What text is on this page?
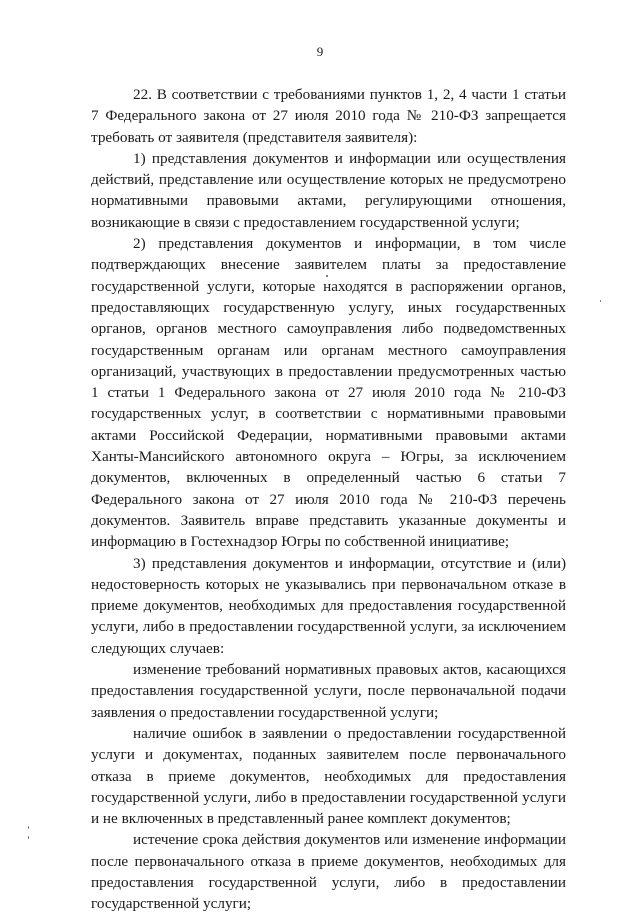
9

22. В соответствии с требованиями пунктов 1, 2, 4 части 1 статьи 7 Федерального закона от 27 июля 2010 года № 210-ФЗ запрещается требовать от заявителя (представителя заявителя):

1) представления документов и информации или осуществления действий, представление или осуществление которых не предусмотрено нормативными правовыми актами, регулирующими отношения, возникающие в связи с предоставлением государственной услуги;

2) представления документов и информации, в том числе подтверждающих внесение заявителем платы за предоставление государственной услуги, которые находятся в распоряжении органов, предоставляющих государственную услугу, иных государственных органов, органов местного самоуправления либо подведомственных государственным органам или органам местного самоуправления организаций, участвующих в предоставлении предусмотренных частью 1 статьи 1 Федерального закона от 27 июля 2010 года № 210-ФЗ государственных услуг, в соответствии с нормативными правовыми актами Российской Федерации, нормативными правовыми актами Ханты-Мансийского автономного округа – Югры, за исключением документов, включенных в определенный частью 6 статьи 7 Федерального закона от 27 июля 2010 года № 210-ФЗ перечень документов. Заявитель вправе представить указанные документы и информацию в Гостехнадзор Югры по собственной инициативе;

3) представления документов и информации, отсутствие и (или) недостоверность которых не указывались при первоначальном отказе в приеме документов, необходимых для предоставления государственной услуги, либо в предоставлении государственной услуги, за исключением следующих случаев:

изменение требований нормативных правовых актов, касающихся предоставления государственной услуги, после первоначальной подачи заявления о предоставлении государственной услуги;

наличие ошибок в заявлении о предоставлении государственной услуги и документах, поданных заявителем после первоначального отказа в приеме документов, необходимых для предоставления государственной услуги, либо в предоставлении государственной услуги и не включенных в представленный ранее комплект документов;

истечение срока действия документов или изменение информации после первоначального отказа в приеме документов, необходимых для предоставления государственной услуги, либо в предоставлении государственной услуги;
